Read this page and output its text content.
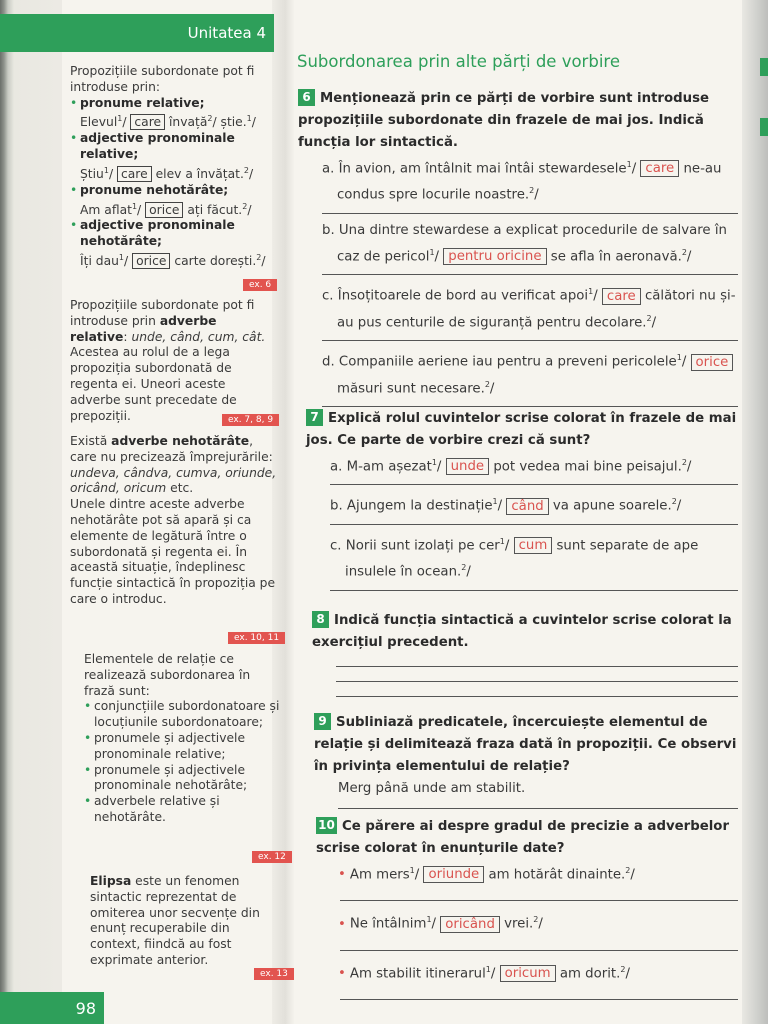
Unitatea 4
Propozițiile subordonate pot fi introduse prin:
• pronume relative;
Elevul$^1$/ care învață$^2$/ știe.$^1$/
• adjective pronominale relative;
Știu$^1$/ care elev a învățat.$^2$/
• pronume nehotărâte;
Am aflat$^1$/ orice ați făcut.$^2$/
• adjective pronominale nehotărâte;
Îți dau$^1$/ orice carte dorești.$^2$/
ex. 6
Propozițiile subordonate pot fi introduse prin adverbe relative: unde, când, cum, cât. Acestea au rolul de a lega propoziția subordonată de regenta ei. Uneori aceste adverbe sunt precedate de prepoziții.	ex. 7, 8, 9
Există adverbe nehotărâte, care nu precizează împrejurările: undeva, cândva, cumva, oriunde, oricând, oricum etc.
Unele dintre aceste adverbe nehotărâte pot să apară și ca elemente de legătură între o subordonată și regenta ei. În această situație, îndeplinesc funcție sintactică în propoziția pe care o introduc.
ex. 10, 11
Elementele de relație ce realizează subordonarea în frază sunt:
• conjuncțiile subordonatoare și locuțiunile subordonatoare;
• pronumele și adjectivele pronominale relative;
• pronumele și adjectivele pronominale nehotărâte;
• adverbele relative și nehotărâte.
ex. 12
Elipsa este un fenomen sintactic reprezentat de omiterea unor secvențe din enunț recuperabile din context, fiindcă au fost exprimate anterior.
ex. 13
98
Subordonarea prin alte părți de vorbire
6 Menționează prin ce părți de vorbire sunt introduse propozițiile subordonate din frazele de mai jos. Indică funcția lor sintactică.
a. În avion, am întâlnit mai întâi stewardesele$^1$/ care ne-au condus spre locurile noastre.$^2$/
b. Una dintre stewardese a explicat procedurile de salvare în caz de pericol$^1$/ pentru oricine se afla în aeronavă.$^2$/
c. Însoțitoarele de bord au verificat apoi$^1$/ care călători nu și-au pus centurile de siguranță pentru decolare.$^2$/
d. Companiile aeriene iau pentru a preveni pericolele$^1$/ orice măsuri sunt necesare.$^2$/
7 Explică rolul cuvintelor scrise colorat în frazele de mai jos. Ce parte de vorbire crezi că sunt?
a. M-am așezat$^1$/ unde pot vedea mai bine peisajul.$^2$/
b. Ajungem la destinație$^1$/ când va apune soarele.$^2$/
c. Norii sunt izolați pe cer$^1$/ cum sunt separate de ape insulele în ocean.$^2$/
8 Indică funcția sintactică a cuvintelor scrise colorat la exercițiul precedent.
9 Subliniază predicatele, încercuiește elementul de relație și delimitează fraza dată în propoziții. Ce observi în privința elementului de relație?
Merg până unde am stabilit.
10 Ce părere ai despre gradul de precizie a adverbelor scrise colorat în enunțurile date?
• Am mers$^1$/ oriunde am hotărât dinainte.$^2$/
• Ne întâlnim$^1$/ oricând vrei.$^2$/
• Am stabilit itinerarul$^1$/ oricum am dorit.$^2$/
